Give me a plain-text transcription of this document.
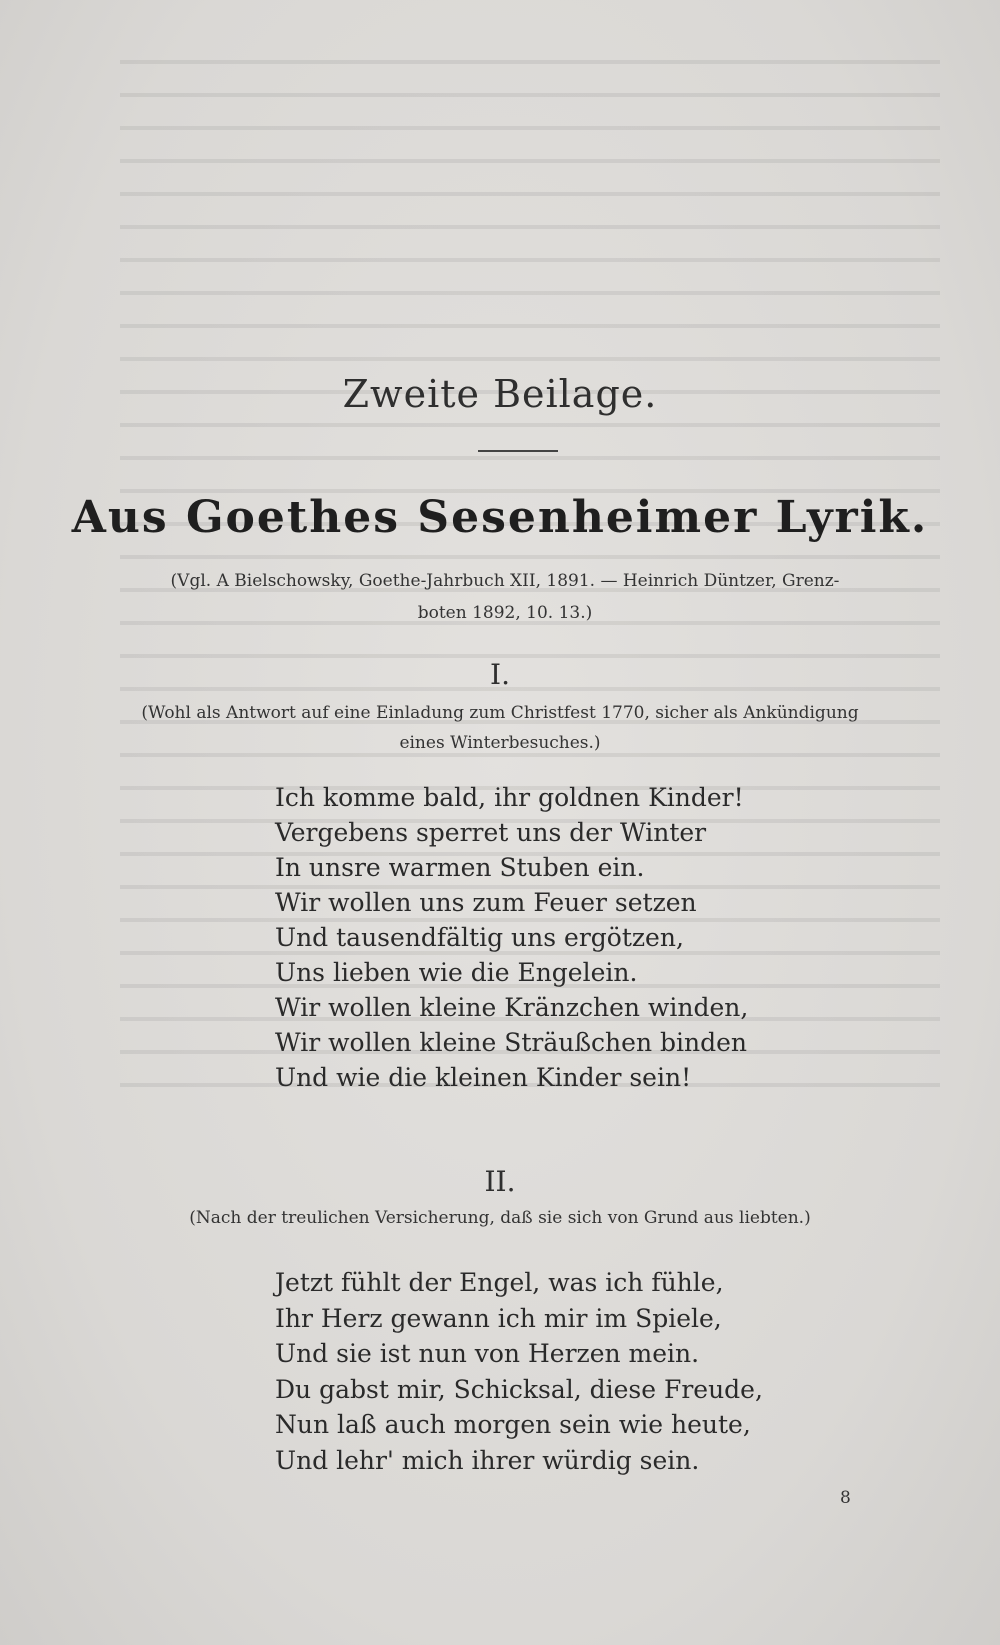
Zweite Beilage.
Aus Goethes Sesenheimer Lyrik.
(Vgl. A Bielschowsky, Goethe-Jahrbuch XII, 1891. — Heinrich Düntzer, Grenz-
boten 1892, 10. 13.)
I.
(Wohl als Antwort auf eine Einladung zum Christfest 1770, sicher als Ankündigung
eines Winterbesuches.)
Ich komme bald, ihr goldnen Kinder!
Vergebens sperret uns der Winter
In unsre warmen Stuben ein.
Wir wollen uns zum Feuer setzen
Und tausendfältig uns ergötzen,
Uns lieben wie die Engelein.
Wir wollen kleine Kränzchen winden,
Wir wollen kleine Sträußchen binden
Und wie die kleinen Kinder sein!
II.
(Nach der treulichen Versicherung, daß sie sich von Grund aus liebten.)
Jetzt fühlt der Engel, was ich fühle,
Ihr Herz gewann ich mir im Spiele,
Und sie ist nun von Herzen mein.
Du gabst mir, Schicksal, diese Freude,
Nun laß auch morgen sein wie heute,
Und lehr' mich ihrer würdig sein.
8
